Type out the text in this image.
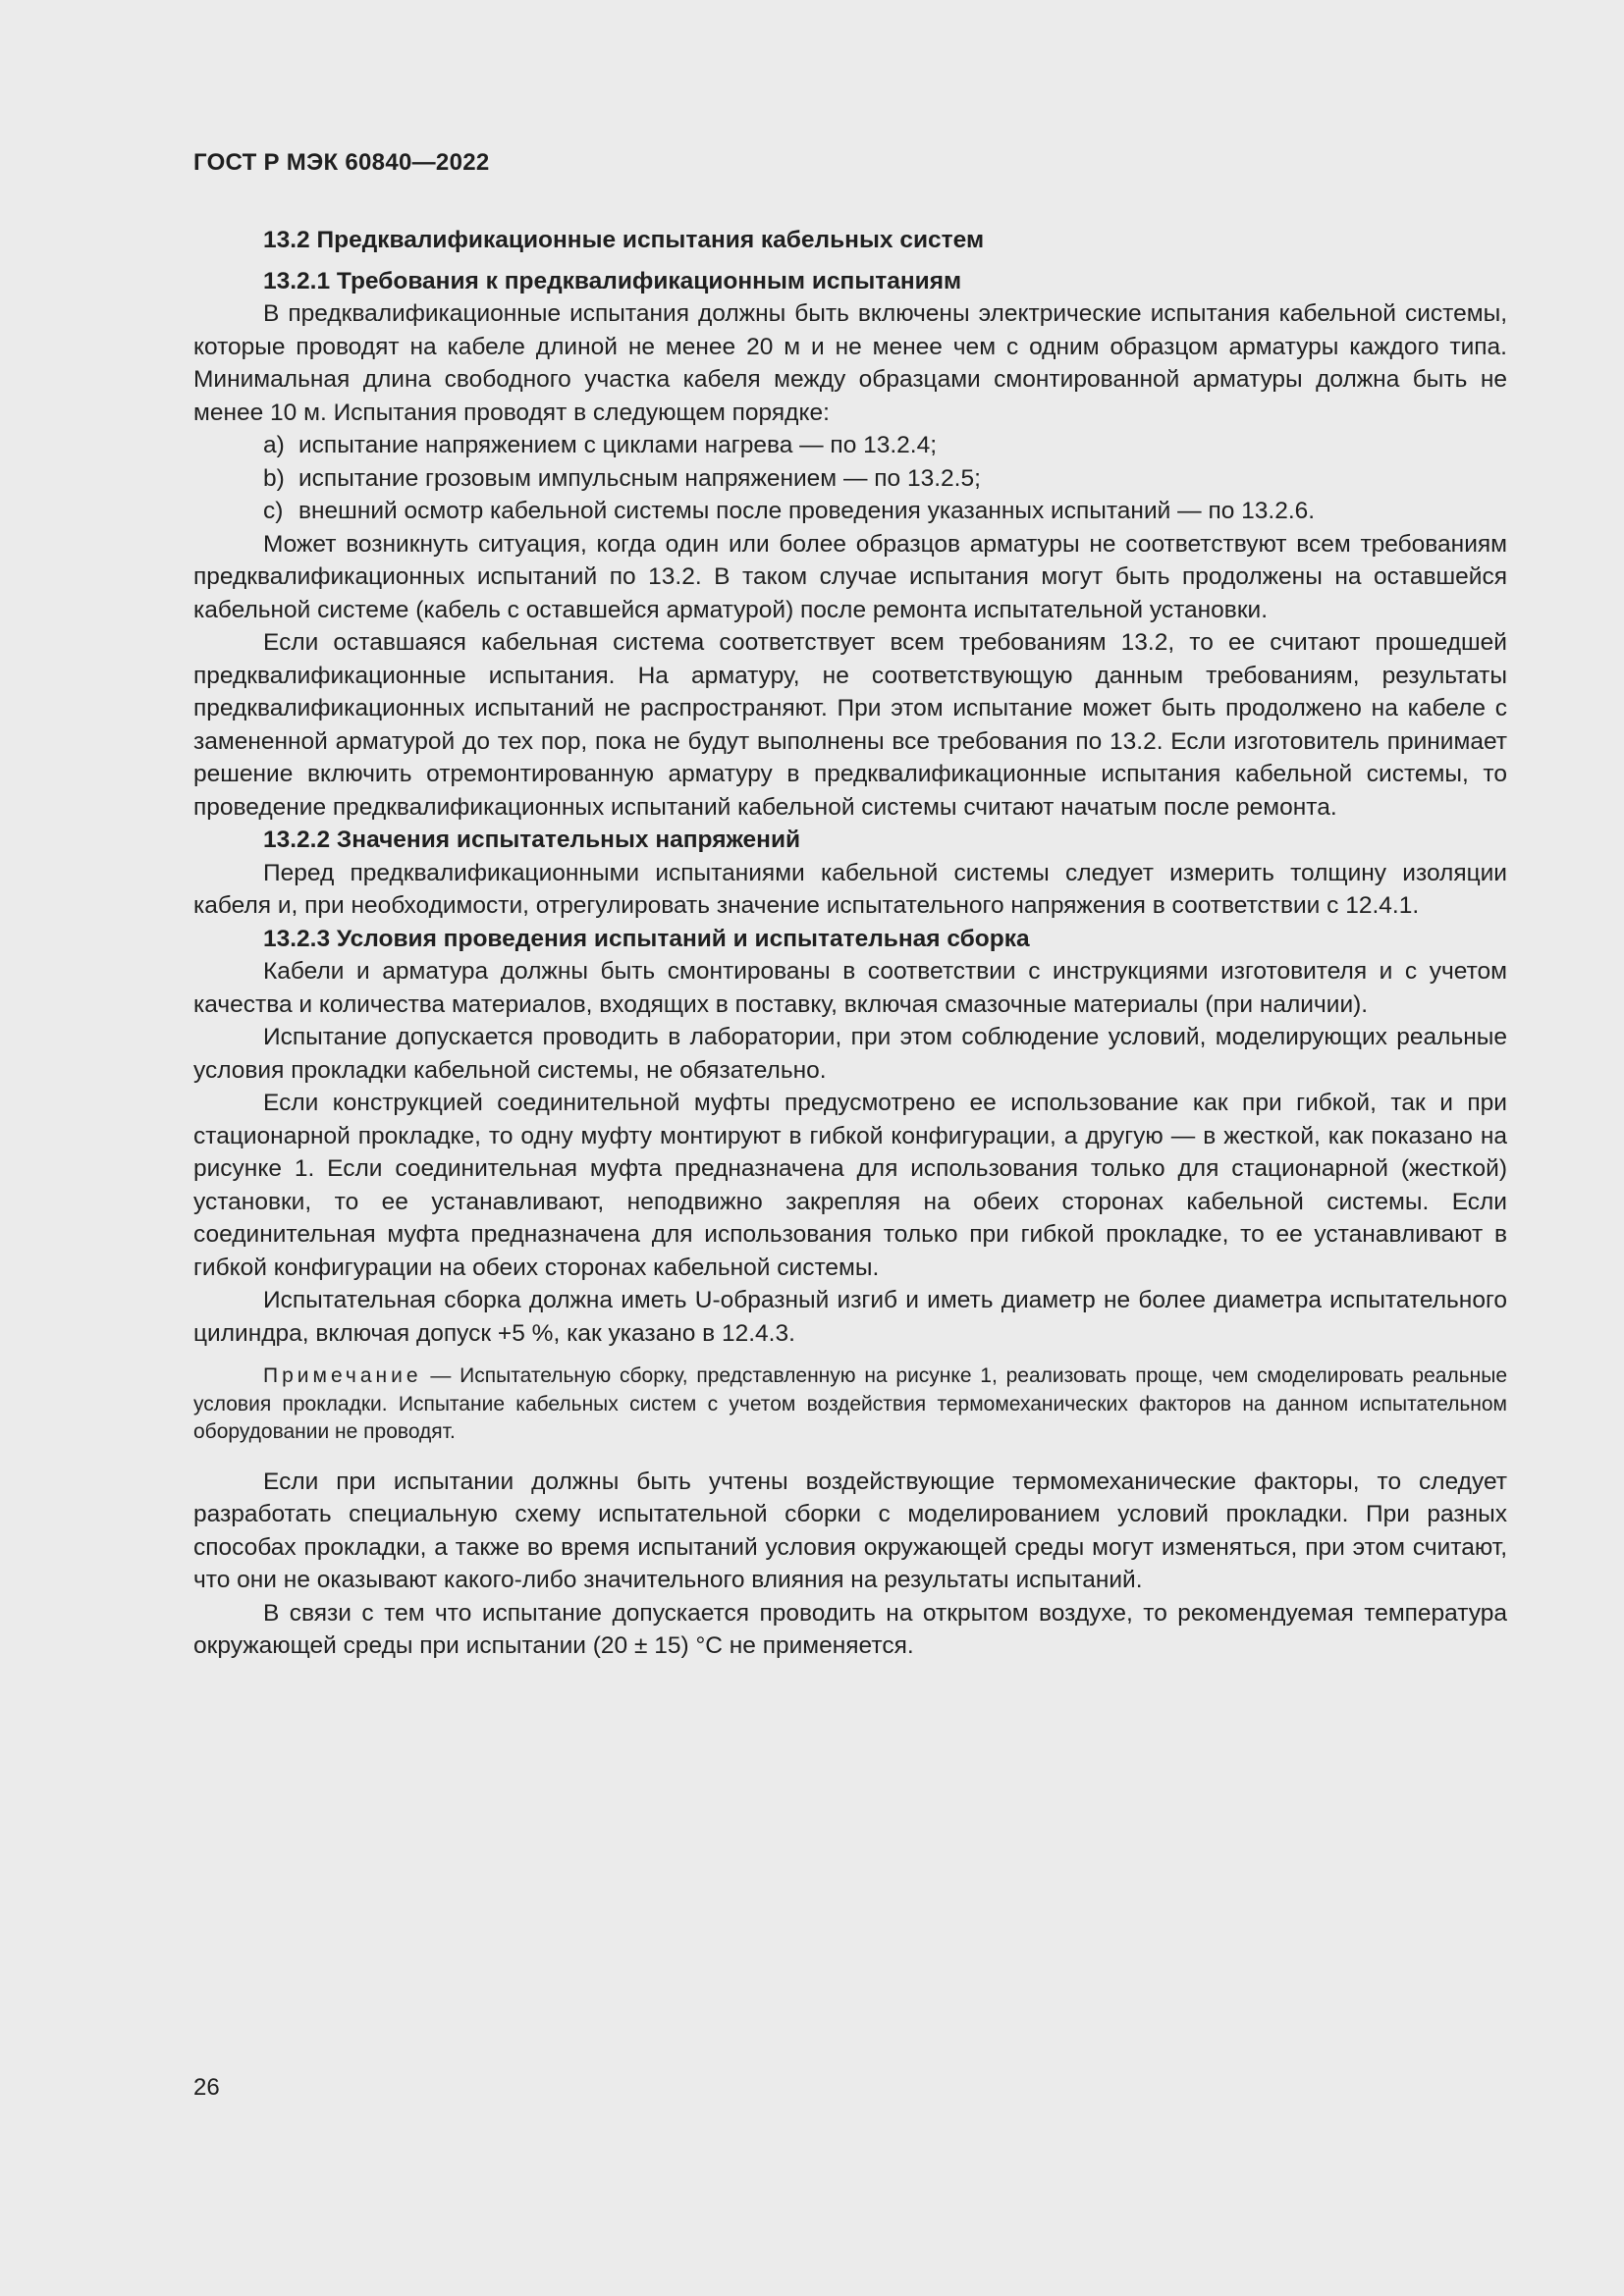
ГОСТ Р МЭК 60840—2022
13.2 Предквалификационные испытания кабельных систем
13.2.1 Требования к предквалификационным испытаниям

В предквалификационные испытания должны быть включены электрические испытания кабельной системы, которые проводят на кабеле длиной не менее 20 м и не менее чем с одним образцом арматуры каждого типа. Минимальная длина свободного участка кабеля между образцами смонтированной арматуры должна быть не менее 10 м. Испытания проводят в следующем порядке:

a) испытание напряжением с циклами нагрева — по 13.2.4;
b) испытание грозовым импульсным напряжением — по 13.2.5;
c) внешний осмотр кабельной системы после проведения указанных испытаний — по 13.2.6.

Может возникнуть ситуация, когда один или более образцов арматуры не соответствуют всем требованиям предквалификационных испытаний по 13.2. В таком случае испытания могут быть продолжены на оставшейся кабельной системе (кабель с оставшейся арматурой) после ремонта испытательной установки.

Если оставшаяся кабельная система соответствует всем требованиям 13.2, то ее считают прошедшей предквалификационные испытания. На арматуру, не соответствующую данным требованиям, результаты предквалификационных испытаний не распространяют. При этом испытание может быть продолжено на кабеле с замененной арматурой до тех пор, пока не будут выполнены все требования по 13.2. Если изготовитель принимает решение включить отремонтированную арматуру в предквалификационные испытания кабельной системы, то проведение предквалификационных испытаний кабельной системы считают начатым после ремонта.

13.2.2 Значения испытательных напряжений

Перед предквалификационными испытаниями кабельной системы следует измерить толщину изоляции кабеля и, при необходимости, отрегулировать значение испытательного напряжения в соответствии с 12.4.1.

13.2.3 Условия проведения испытаний и испытательная сборка

Кабели и арматура должны быть смонтированы в соответствии с инструкциями изготовителя и с учетом качества и количества материалов, входящих в поставку, включая смазочные материалы (при наличии).

Испытание допускается проводить в лаборатории, при этом соблюдение условий, моделирующих реальные условия прокладки кабельной системы, не обязательно.

Если конструкцией соединительной муфты предусмотрено ее использование как при гибкой, так и при стационарной прокладке, то одну муфту монтируют в гибкой конфигурации, а другую — в жесткой, как показано на рисунке 1. Если соединительная муфта предназначена для использования только для стационарной (жесткой) установки, то ее устанавливают, неподвижно закрепляя на обеих сторонах кабельной системы. Если соединительная муфта предназначена для использования только при гибкой прокладке, то ее устанавливают в гибкой конфигурации на обеих сторонах кабельной системы.

Испытательная сборка должна иметь U-образный изгиб и иметь диаметр не более диаметра испытательного цилиндра, включая допуск +5 %, как указано в 12.4.3.

Примечание — Испытательную сборку, представленную на рисунке 1, реализовать проще, чем смоделировать реальные условия прокладки. Испытание кабельных систем с учетом воздействия термомеханических факторов на данном испытательном оборудовании не проводят.

Если при испытании должны быть учтены воздействующие термомеханические факторы, то следует разработать специальную схему испытательной сборки с моделированием условий прокладки. При разных способах прокладки, а также во время испытаний условия окружающей среды могут изменяться, при этом считают, что они не оказывают какого-либо значительного влияния на результаты испытаний.

В связи с тем что испытание допускается проводить на открытом воздухе, то рекомендуемая температура окружающей среды при испытании (20 ± 15) °C не применяется.

26
